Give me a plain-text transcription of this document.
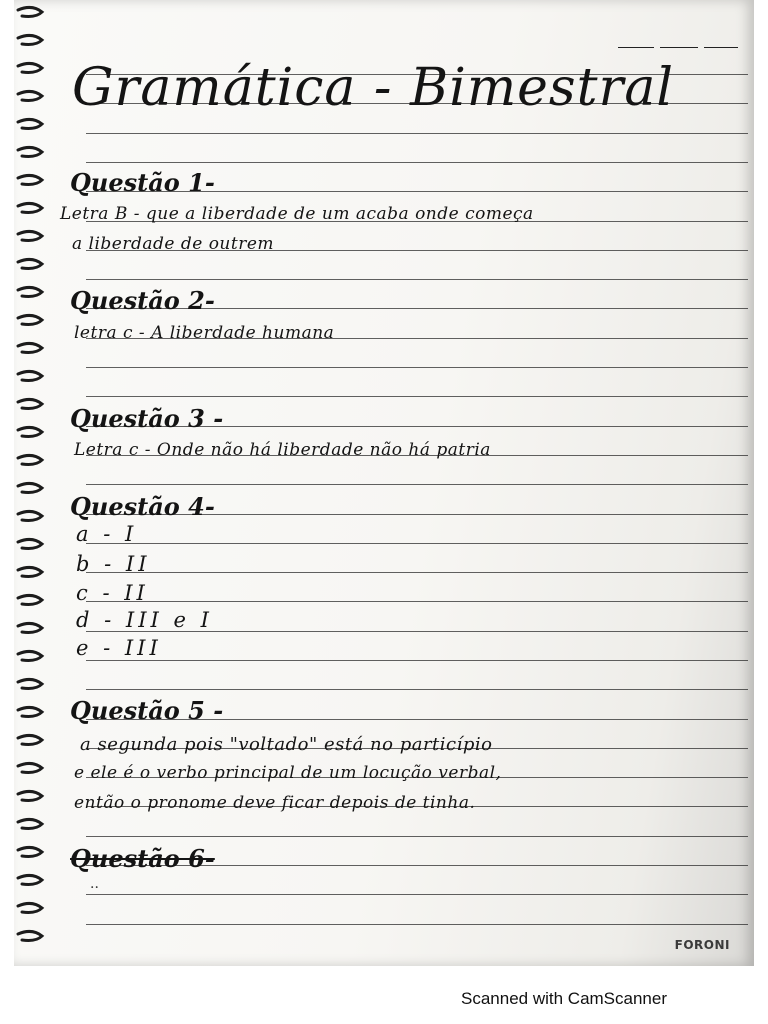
Gramática - Bimestral
Questão 1-
Letra B - que a liberdade de um acaba onde começa
a liberdade de outrem
Questão 2-
letra c - A liberdade humana
Questão 3 -
Letra c - Onde não há liberdade não há patria
Questão 4-
a - I
b - II
c - II
d - III e I
e - III
Questão 5 -
a segunda pois "voltado" está no particípio
e ele é o verbo principal de um locução verbal,
então o pronome deve ficar depois de tinha.
Questão 6-
··
FORONI
Scanned with CamScanner
